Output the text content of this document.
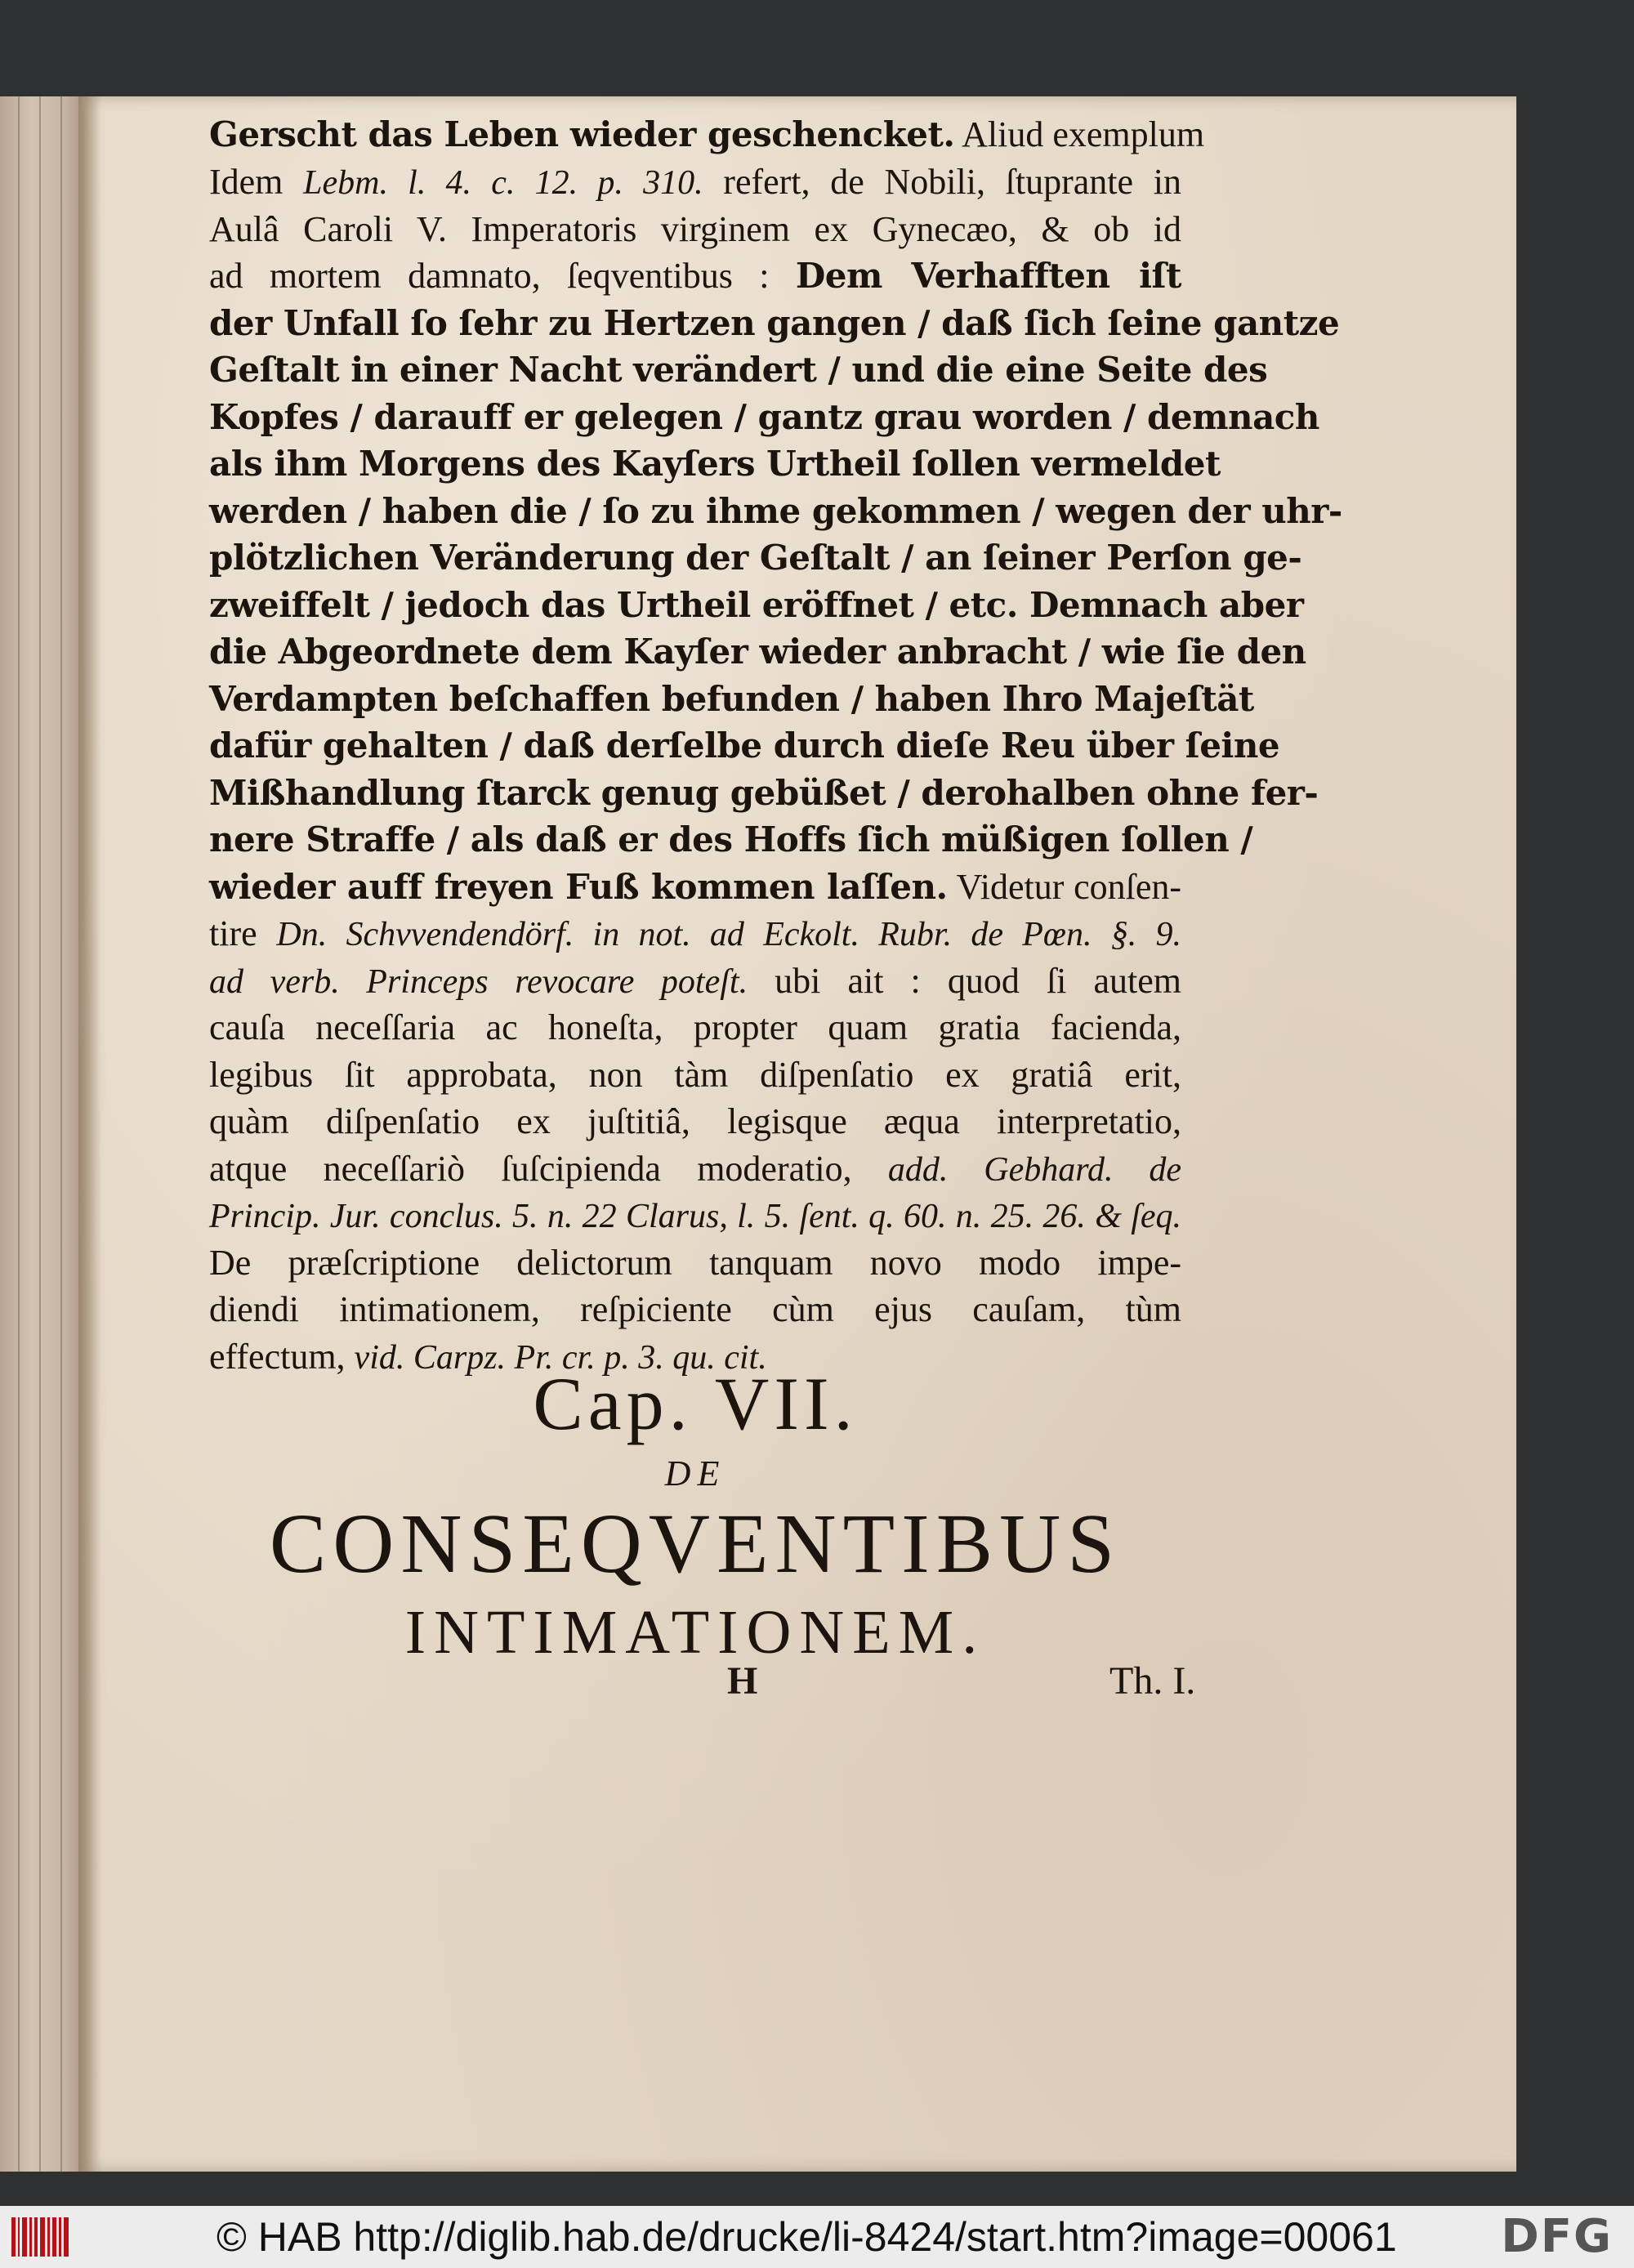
Gerscht das Leben wieder geschencket. Aliud exemplum
Idem Lebm. l. 4. c. 12. p. 310. refert, de Nobili, ſtuprante in
Aulâ Caroli V. Imperatoris virginem ex Gynecæo, & ob id
ad mortem damnato, ſeqventibus : Dem Verhafften iſt
der Unfall ſo ſehr zu Hertzen gangen / daß ſich ſeine gantze
Geſtalt in einer Nacht verändert / und die eine Seite des
Kopfes / darauff er gelegen / gantz grau worden / demnach
als ihm Morgens des Kayſers Urtheil ſollen vermeldet
werden / haben die / ſo zu ihme gekommen / wegen der uhr-
plötzlichen Veränderung der Geſtalt / an ſeiner Perſon ge-
zweiffelt / jedoch das Urtheil eröffnet / etc. Demnach aber
die Abgeordnete dem Kayſer wieder anbracht / wie ſie den
Verdampten beſchaffen befunden / haben Ihro Majeſtät
dafür gehalten / daß derſelbe durch dieſe Reu über ſeine
Mißhandlung ſtarck genug gebüßet / derohalben ohne fer-
nere Straffe / als daß er des Hoffs ſich müßigen ſollen /
wieder auff freyen Fuß kommen laſſen. Videtur conſen-
tire Dn. Schvvendendörf. in not. ad Eckolt. Rubr. de Pœn. §. 9.
ad verb. Princeps revocare poteſt. ubi ait : quod ſi autem
cauſa neceſſaria ac honeſta, propter quam gratia facienda,
legibus ſit approbata, non tàm diſpenſatio ex gratiâ erit,
quàm diſpenſatio ex juſtitiâ, legisque æqua interpretatio,
atque neceſſariò ſuſcipienda moderatio, add. Gebhard. de
Princip. Jur. conclus. 5. n. 22 Clarus, l. 5. ſent. q. 60. n. 25. 26. & ſeq.
De præſcriptione delictorum tanquam novo modo impe-
diendi intimationem, reſpiciente cùm ejus cauſam, tùm
effectum, vid. Carpz. Pr. cr. p. 3. qu. cit.
Cap. VII.
DE
CONSEQVENTIBUS
INTIMATIONEM.
H	Th. I.
© HAB http://diglib.hab.de/drucke/li-8424/start.htm?image=00061 DFG
